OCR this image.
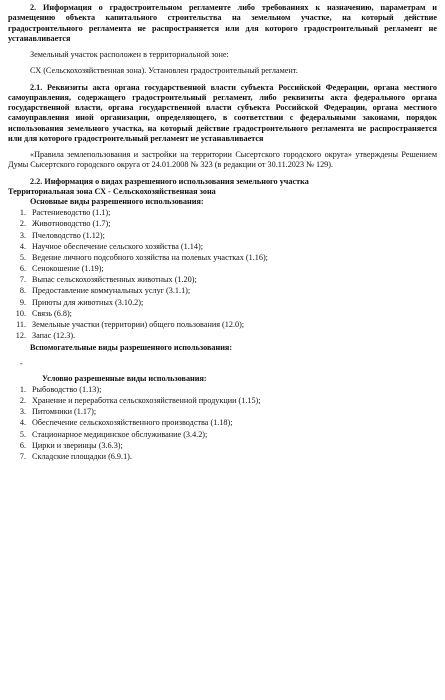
2. Информация о градостроительном регламенте либо требованиях к назначению, параметрам и размещению объекта капитального строительства на земельном участке, на который действие градостроительного регламента не распространяется или для которого градостроительный регламент не устанавливается

Земельный участок расположен в территориальной зоне:

СХ (Сельскохозяйственная зона). Установлен градостроительный регламент.

2.1. Реквизиты акта органа государственной власти субъекта Российской Федерации, органа местного самоуправления, содержащего градостроительный регламент, либо реквизиты акта федерального органа государственной власти, органа государственной власти субъекта Российской Федерации, органа местного самоуправления иной организации, определяющего, в соответствии с федеральными законами, порядок использования земельного участка, на который действие градостроительного регламента не распространяется или для которого градостроительный регламент не устанавливается

«Правила землепользования и застройки на территории Сысертского городского округа» утверждены Решением Думы Сысертского городского округа от 24.01.2008 № 323 (в редакции от 30.11.2023 № 129).

2.2. Информация о видах разрешенного использования земельного участка

Территориальная зона СХ - Сельскохозяйственная зона

Основные виды разрешенного использования:

1. Растениеводство (1.1);
2. Животноводство (1.7);
3. Пчеловодство (1.12);
4. Научное обеспечение сельского хозяйства (1.14);
5. Ведение личного подсобного хозяйства на полевых участках (1.16);
6. Сенокошение (1.19);
7. Выпас сельскохозяйственных животных (1.20);
8. Предоставление коммунальных услуг (3.1.1);
9. Приюты для животных (3.10.2);
10. Связь (6.8);
11. Земельные участки (территории) общего пользования (12.0);
12. Запас (12.3).

Вспомогательные виды разрешенного использования:

-

Условно разрешенные виды использования:

1. Рыбоводство (1.13);
2. Хранение и переработка сельскохозяйственной продукции (1.15);
3. Питомники (1.17);
4. Обеспечение сельскохозяйственного производства (1.18);
5. Стационарное медицинское обслуживание (3.4.2);
6. Цирки и зверинцы (3.6.3);
7. Складские площадки (6.9.1).
